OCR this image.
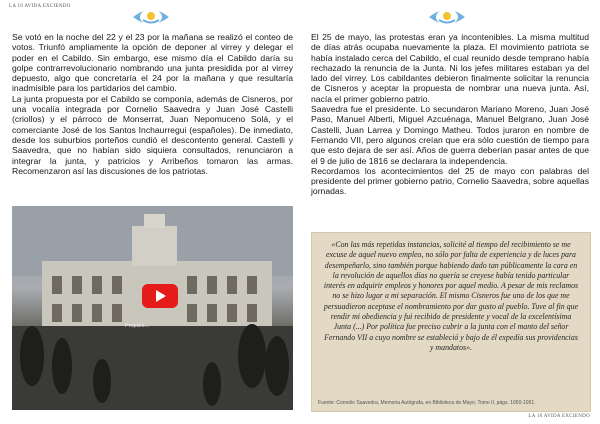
LA 10 AVIDA EXCIENDO

Se votó en la noche del 22 y el 23 por la mañana se realizó el conteo de votos. Triunfó ampliamente la opción de deponer al virrey y delegar el poder en el Cabildo. Sin embargo, ese mismo día el Cabildo daría su golpe contrarrevolucionario nombrando una junta presidida por al virrey depuesto, algo que concretaría el 24 por la mañana y que resultaría inadmisible para los partidarios del cambio.

La junta propuesta por el Cabildo se componía, además de Cisneros, por una vocalía integrada por Cornelio Saavedra y Juan José Castelli (criollos) y el párroco de Monserrat, Juan Nepomuceno Solá, y el comerciante José de los Santos Inchaurregui (españoles). De inmediato, desde los suburbios porteños cundió el descontento general. Castelli y Saavedra, que no habían sido siquiera consultados, renunciaron a integrar la junta, y patricios y Arribeños tomaron las armas. Recomenzaron así las discusiones de los patriotas.

Preparo...

El 25 de mayo, las protestas eran ya incontenibles. La misma multitud de días atrás ocupaba nuevamente la plaza. El movimiento patriota se había instalado cerca del Cabildo, el cual reunido desde temprano había rechazado la renuncia de la Junta. Ni los jefes militares estaban ya del lado del virrey. Los cabildantes debieron finalmente solicitar la renuncia de Cisneros y aceptar la propuesta de nombrar una nueva junta. Así, nacía el primer gobierno patrio.

Saavedra fue el presidente. Lo secundaron Mariano Moreno, Juan José Paso, Manuel Alberti, Miguel Azcuénaga, Manuel Belgrano, Juan José Castelli, Juan Larrea y Domingo Matheu. Todos juraron en nombre de Fernando VII, pero algunos creían que era sólo cuestión de tiempo para que esto dejara de ser así. Años de guerra deberían pasar antes de que el 9 de julio de 1816 se declarara la independencia.

Recordamos los acontecimientos del 25 de mayo con palabras del presidente del primer gobierno patrio, Cornelio Saavedra, sobre aquellas jornadas.

«Con las más repetidas instancias, solicité al tiempo del recibimiento se me excuse de aquel nuevo empleo, no sólo por falta de experiencia y de luces para desempeñarlo, sino también porque habiendo dado tan públicamente la cara en la revolución de aquellos días no quería se creyese había tenido particular interés en adquirir empleos y honores por aquel medio. A pesar de mis reclamos no se hizo lugar a mi separación. El mismo Cisneros fue uno de los que me persuadieron aceptase el nombramiento por dar gusto al pueblo. Tuve al fin que rendir mi obediencia y fui recibido de presidente y vocal de la excelentísima Junta (...) Por política fue preciso cubrir a la junta con el manto del señor Fernando VII a cuyo nombre se estableció y bajo de él expedía sus providencias y mandatos».
Fuente: Cornelio Saavedra, Memoria Autógrafa, en Biblioteca de Mayo, Tomo II, págs. 1050-1051.
LA 10 AVIDA EXCIENDO
